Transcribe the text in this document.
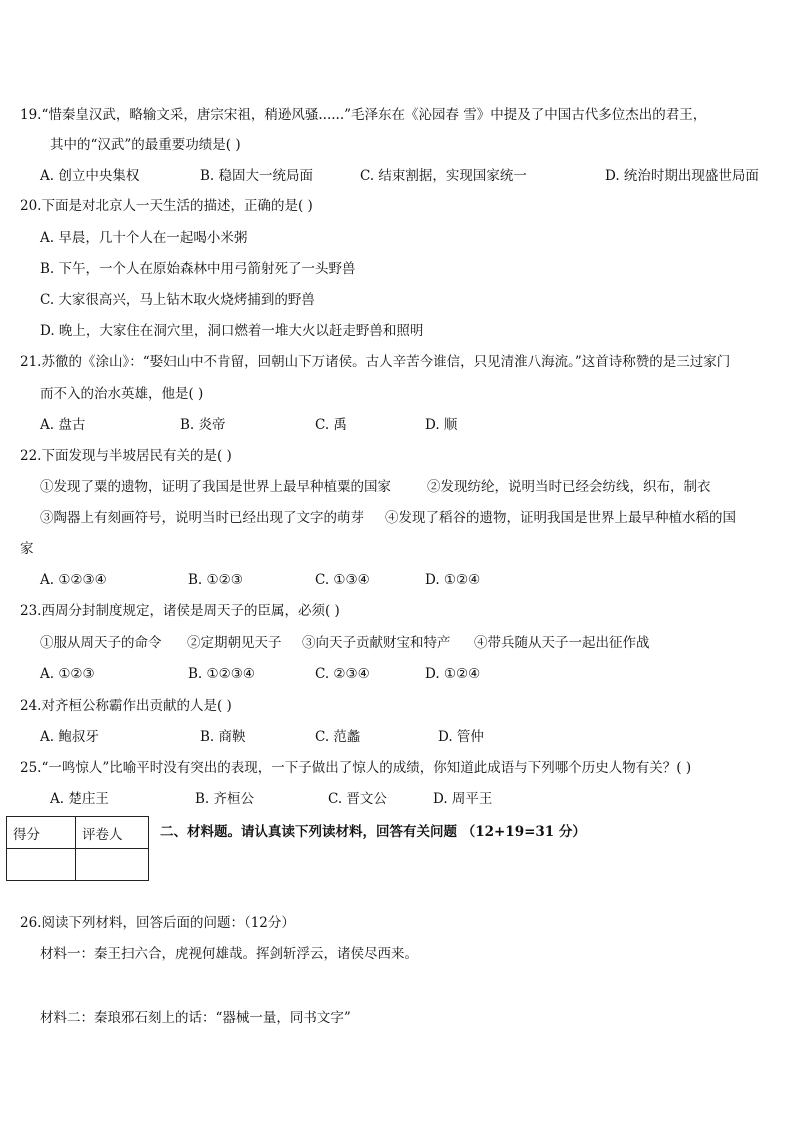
19.“惜秦皇汉武，略输文采，唐宗宋祖，稍逊风骚......”毛泽东在《沁园春 雪》中提及了中国古代多位杰出的君王，
其中的“汉武”的最重要功绩是( )
A. 创立中央集权	B. 稳固大一统局面	C. 结束割据，实现国家统一	D. 统治时期出现盛世局面
20.下面是对北京人一天生活的描述，正确的是( )
A. 早晨，几十个人在一起喝小米粥
B. 下午，一个人在原始森林中用弓箭射死了一头野兽
C. 大家很高兴，马上钻木取火烧烤捕到的野兽
D. 晚上，大家住在洞穴里，洞口燃着一堆大火以赶走野兽和照明
21.苏徹的《涂山》：“娶妇山中不肯留，回朝山下万诸侯。古人辛苦今谁信，只见清淮八海流。”这首诗称赞的是三过家门
而不入的治水英雄，他是( )
A. 盘古	B. 炎帝	C. 禹	D. 顺
22.下面发现与半坡居民有关的是( )
①发现了粟的遗物，证明了我国是世界上最早种植粟的国家	②发现纺纶，说明当时已经会纺线，织布，制衣
③陶器上有刻画符号，说明当时已经出现了文字的萌芽 ④发现了稻谷的遗物，证明我国是世界上最早种植水稻的国
家
A. ①②③④	B. ①②③	C. ①③④	D. ①②④
23.西周分封制度规定，诸侯是周天子的臣属，必须( )
①服从周天子的命令 ②定期朝见天子 ③向天子贡献财宝和特产 ④带兵随从天子一起出征作战
A. ①②③	B. ①②③④	C. ②③④	D. ①②④
24.对齐桓公称霸作出贡献的人是( )
A. 鲍叔牙	B. 商鞅	C. 范蠡	D. 管仲
25.“一鸣惊人”比喻平时没有突出的表现，一下子做出了惊人的成绩，你知道此成语与下列哪个历史人物有关？( )
A. 楚庄王	B. 齐桓公	C. 晋文公	D. 周平王
得分	评卷人
		二、材料题。请认真读下列读材料，回答有关问题 （12+19=31 分）
26.阅读下列材料，回答后面的问题：（12分）
材料一：秦王扫六合，虎视何雄哉。挥剑斩浮云，诸侯尽西来。
材料二：秦琅邪石刻上的话：“器械一量，同书文字”
